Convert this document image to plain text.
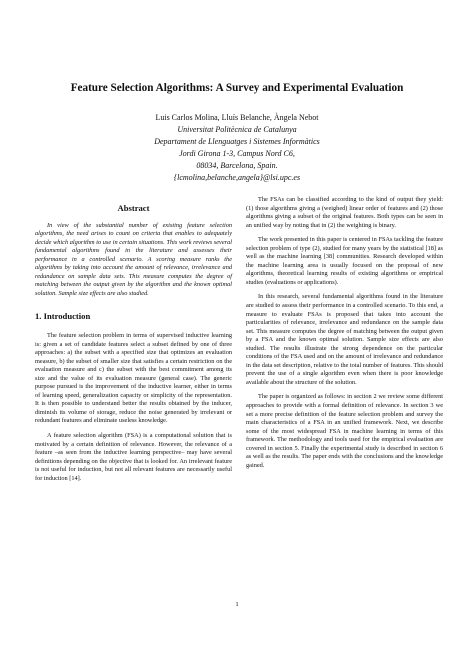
Feature Selection Algorithms: A Survey and Experimental Evaluation
Luis Carlos Molina, Lluís Belanche, Àngela Nebot
Universitat Politècnica de Catalunya
Departament de Llenguatges i Sistemes Informàtics
Jordi Girona 1-3, Campus Nord C6,
08034, Barcelona, Spain.
{lcmolina,belanche,angela}@lsi.upc.es
Abstract

In view of the substantial number of existing feature selection algorithms, the need arises to count on criteria that enables to adequately decide which algorithm to use in certain situations. This work reviews several fundamental algorithms found in the literature and assesses their performance in a controlled scenario. A scoring measure ranks the algorithms by taking into account the amount of relevance, irrelevance and redundance on sample data sets. This measure computes the degree of matching between the output given by the algorithm and the known optimal solution. Sample size effects are also studied.

1. Introduction

The feature selection problem in terms of supervised inductive learning is: given a set of candidate features select a subset defined by one of three approaches: a) the subset with a specified size that optimizes an evaluation measure, b) the subset of smaller size that satisfies a certain restriction on the evaluation measure and c) the subset with the best commitment among its size and the value of its evaluation measure (general case). The generic purpose pursued is the improvement of the inductive learner, either in terms of learning speed, generalization capacity or simplicity of the representation. It is then possible to understand better the results obtained by the inducer, diminish its volume of storage, reduce the noise generated by irrelevant or redundant features and eliminate useless knowledge.

A feature selection algorithm (FSA) is a computational solution that is motivated by a certain definition of relevance. However, the relevance of a feature –as seen from the inductive learning perspective– may have several definitions depending on the objective that is looked for. An irrelevant feature is not useful for induction, but not all relevant features are necessarily useful for induction [14].

The FSAs can be classified according to the kind of output they yield: (1) those algorithms giving a (weighed) linear order of features and (2) those algorithms giving a subset of the original features. Both types can be seen in an unified way by noting that in (2) the weighting is binary.

The work presented in this paper is centered in FSAs tackling the feature selection problem of type (2), studied for many years by the statistical [18] as well as the machine learning [38] communities. Research developed within the machine learning area is usually focused on the proposal of new algorithms, theoretical learning results of existing algorithms or empirical studies (evaluations or applications).

In this research, several fundamental algorithms found in the literature are studied to assess their performance in a controlled scenario. To this end, a measure to evaluate FSAs is proposed that takes into account the particularities of relevance, irrelevance and redundance on the sample data set. This measure computes the degree of matching between the output given by a FSA and the known optimal solution. Sample size effects are also studied. The results illustrate the strong dependence on the particular conditions of the FSA used and on the amount of irrelevance and redundance in the data set description, relative to the total number of features. This should prevent the use of a single algorithm even when there is poor knowledge available about the structure of the solution.

The paper is organized as follows: in section 2 we review some different approaches to provide with a formal definition of relevance. In section 3 we set a more precise definition of the feature selection problem and survey the main characteristics of a FSA in an unified framework. Next, we describe some of the most widespread FSA in machine learning in terms of this framework. The methodology and tools used for the empirical evaluation are covered in section 5. Finally the experimental study is described in section 6 as well as the results. The paper ends with the conclusions and the knowledge gained.

1
